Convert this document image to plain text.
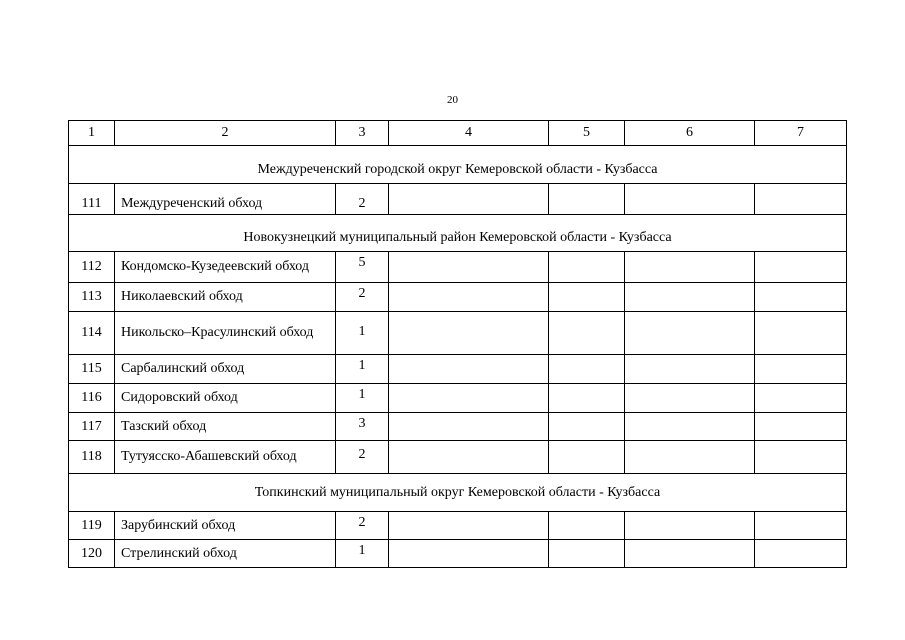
20
1	2	3	4	5	6	7
Междуреченский городской округ Кемеровской области - Кузбасса						
111	Междуреченский обход	2				
Новокузнецкий муниципальный район Кемеровской области - Кузбасса						
112	Кондомско-Кузедеевский обход	5				
113	Николаевский обход	2				
114	Никольско–Красулинский обход	1				
115	Сарбалинский обход	1				
116	Сидоровский обход	1				
117	Тазский обход	3				
118	Тутуясско-Абашевский обход	2				
Топкинский муниципальный округ Кемеровской области - Кузбасса						
119	Зарубинский обход	2				
120	Стрелинский обход	1				
